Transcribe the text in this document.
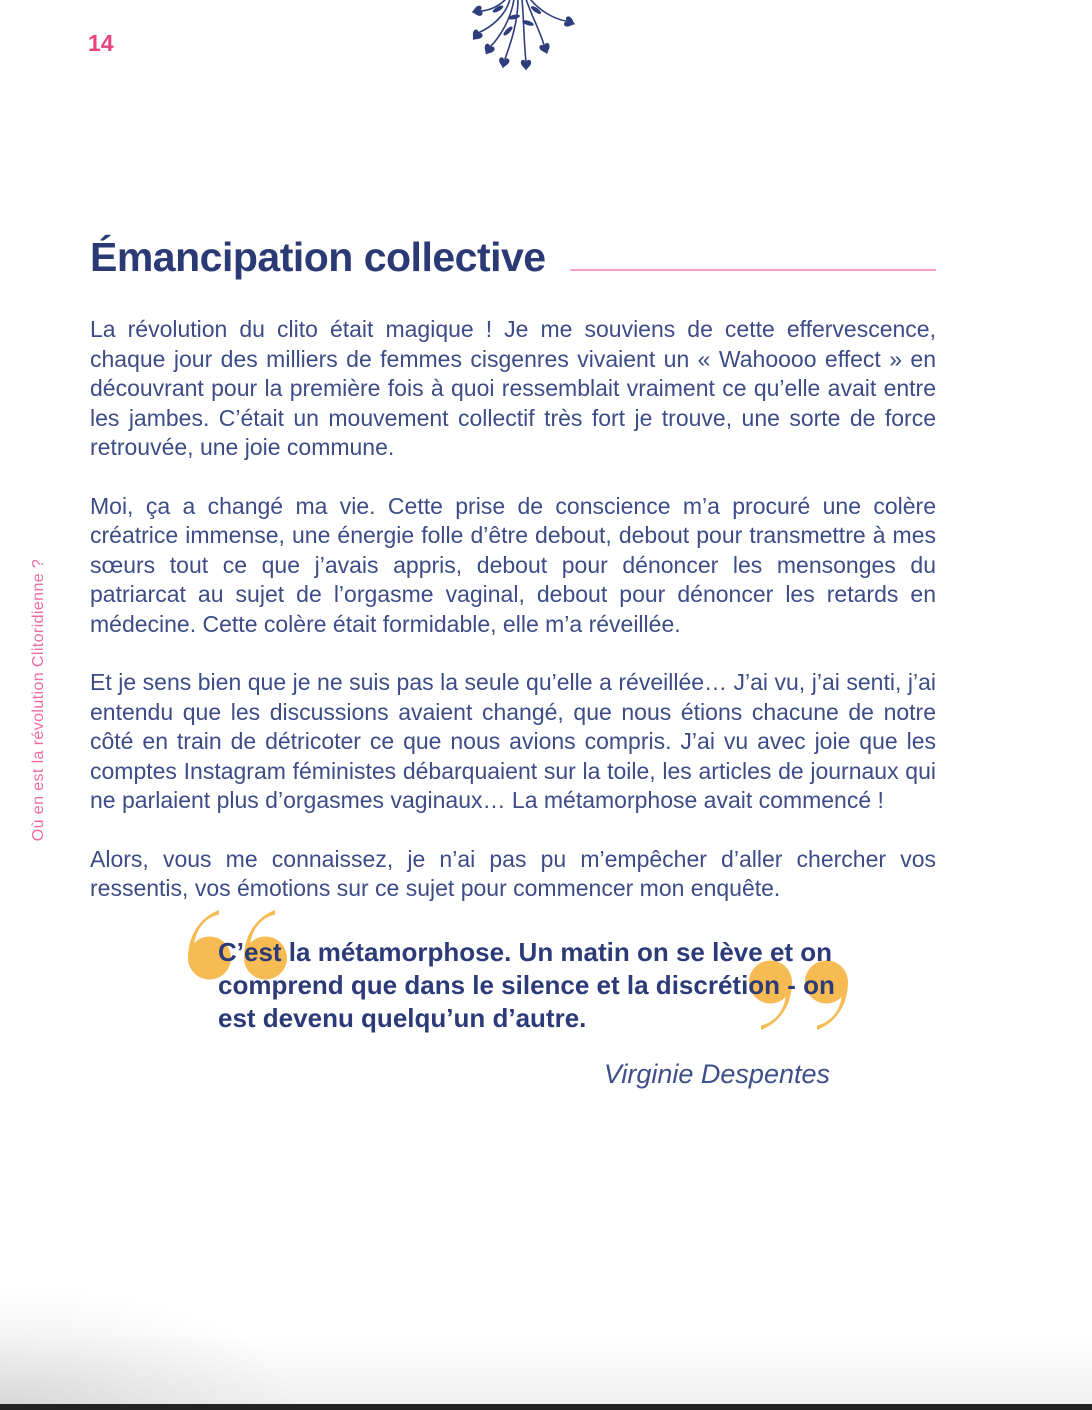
14
Où en est la révolution Clitoridienne ?
Émancipation collective

La révolution du clito était magique ! Je me souviens de cette effervescence, chaque jour des milliers de femmes cisgenres vivaient un « Wahoooo effect » en découvrant pour la première fois à quoi ressemblait vraiment ce qu’elle avait entre les jambes. C’était un mouvement collectif très fort je trouve, une sorte de force retrouvée, une joie commune.

Moi, ça a changé ma vie. Cette prise de conscience m’a procuré une colère créatrice immense, une énergie folle d’être debout, debout pour transmettre à mes sœurs tout ce que j’avais appris, debout pour dénoncer les mensonges du patriarcat au sujet de l’orgasme vaginal, debout pour dénoncer les retards en médecine. Cette colère était formidable, elle m’a réveillée.

Et je sens bien que je ne suis pas la seule qu’elle a réveillée… J’ai vu, j’ai senti, j’ai entendu que les discussions avaient changé, que nous étions chacune de notre côté en train de détricoter ce que nous avions compris. J’ai vu avec joie que les comptes Instagram féministes débarquaient sur la toile, les articles de journaux qui ne parlaient plus d’orgasmes vaginaux… La métamorphose avait commencé !

Alors, vous me connaissez, je n’ai pas pu m’empêcher d’aller chercher vos ressentis, vos émotions sur ce sujet pour commencer mon enquête.

C’est la métamorphose. Un matin on se lève et on comprend que dans le silence et la discrétion - on est devenu quelqu’un d’autre.
Virginie Despentes
